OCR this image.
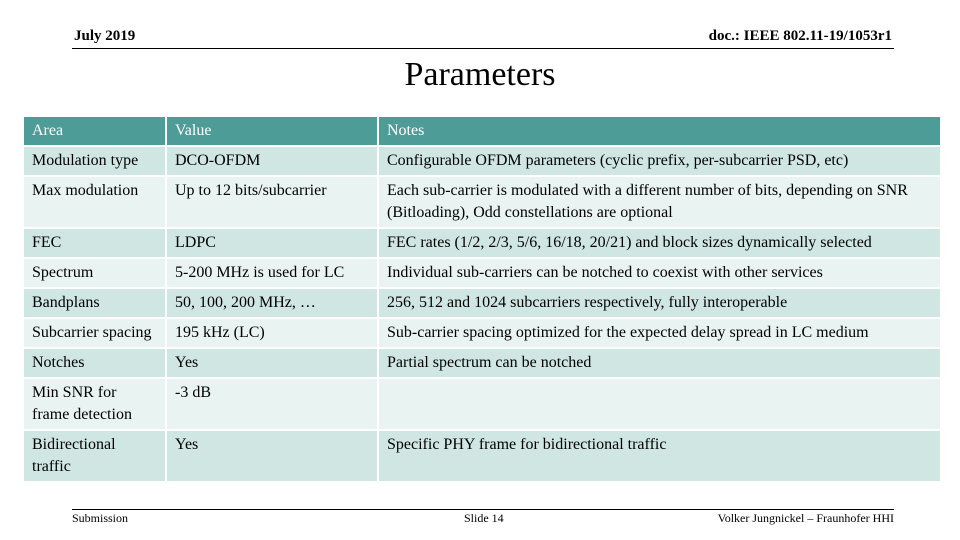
July 2019	doc.: IEEE 802.11-19/1053r1
Parameters
Area	Value	Notes
Modulation type	DCO-OFDM	Configurable OFDM parameters (cyclic prefix, per-subcarrier PSD, etc)
Max modulation	Up to 12 bits/subcarrier	Each sub-carrier is modulated with a different number of bits, depending on SNR (Bitloading), Odd constellations are optional
FEC	LDPC	FEC rates (1/2, 2/3, 5/6, 16/18, 20/21) and block sizes dynamically selected
Spectrum	5-200 MHz is used for LC	Individual sub-carriers can be notched to coexist with other services
Bandplans	50, 100, 200 MHz, …	256, 512 and 1024 subcarriers respectively, fully interoperable
Subcarrier spacing	195 kHz (LC)	Sub-carrier spacing optimized for the expected delay spread in LC medium
Notches	Yes	Partial spectrum can be notched
Min SNR for frame detection	-3 dB	
Bidirectional traffic	Yes	Specific PHY frame for bidirectional traffic
Submission	Slide 14	Volker Jungnickel – Fraunhofer HHI
